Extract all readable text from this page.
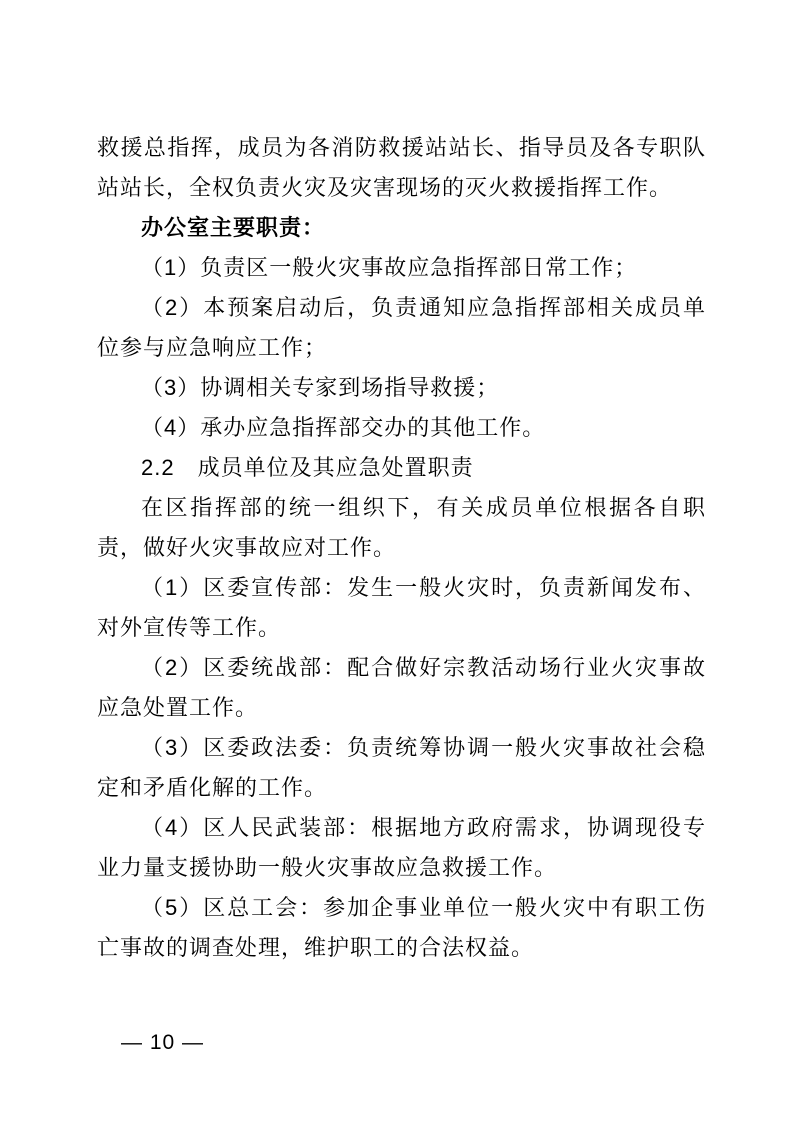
救援总指挥，成员为各消防救援站站长、指导员及各专职队站站长，全权负责火灾及灾害现场的灭火救援指挥工作。

办公室主要职责：

（1）负责区一般火灾事故应急指挥部日常工作；

（2）本预案启动后，负责通知应急指挥部相关成员单位参与应急响应工作；

（3）协调相关专家到场指导救援；

（4）承办应急指挥部交办的其他工作。

2.2　成员单位及其应急处置职责

在区指挥部的统一组织下，有关成员单位根据各自职责，做好火灾事故应对工作。

（1）区委宣传部：发生一般火灾时，负责新闻发布、对外宣传等工作。

（2）区委统战部：配合做好宗教活动场行业火灾事故应急处置工作。

（3）区委政法委：负责统筹协调一般火灾事故社会稳定和矛盾化解的工作。

（4）区人民武装部：根据地方政府需求，协调现役专业力量支援协助一般火灾事故应急救援工作。

（5）区总工会：参加企事业单位一般火灾中有职工伤亡事故的调查处理，维护职工的合法权益。

— 10 —
